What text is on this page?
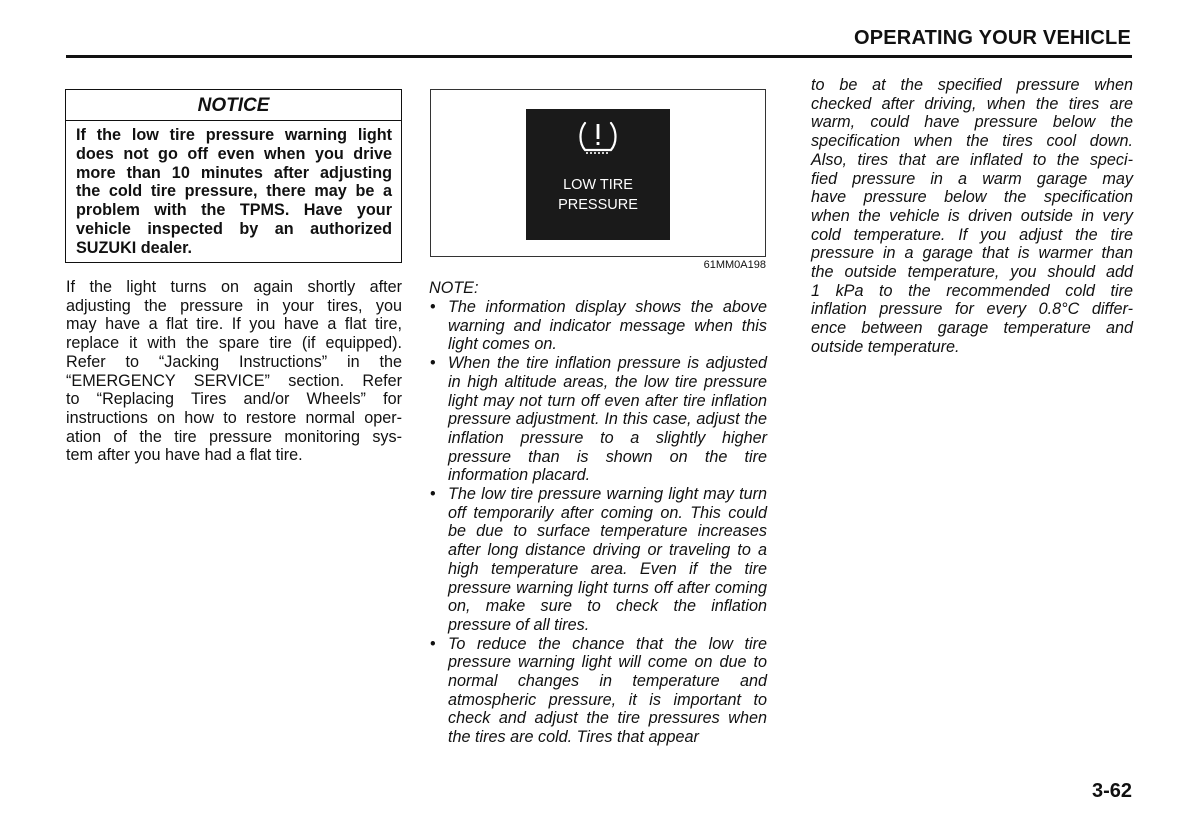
OPERATING YOUR VEHICLE
NOTICE
If the low tire pressure warning light
does not go off even when you drive
more than 10 minutes after adjusting
the cold tire pressure, there may be a
problem with the TPMS. Have your
vehicle inspected by an authorized
SUZUKI dealer.
If the light turns on again shortly after
adjusting the pressure in your tires, you
may have a flat tire. If you have a flat tire,
replace it with the spare tire (if equipped).
Refer to “Jacking Instructions” in the
“EMERGENCY SERVICE” section. Refer
to “Replacing Tires and/or Wheels” for
instructions on how to restore normal oper-
ation of the tire pressure monitoring sys-
tem after you have had a flat tire.
LOW TIRE
PRESSURE
61MM0A198
NOTE:
• The information display shows the above warning and indicator message when this light comes on.
• When the tire inflation pressure is adjusted in high altitude areas, the low tire pressure light may not turn off even after tire inflation pressure adjustment. In this case, adjust the inflation pressure to a slightly higher pressure than is shown on the tire information placard.
• The low tire pressure warning light may turn off temporarily after coming on. This could be due to surface temperature increases after long distance driving or traveling to a high temperature area. Even if the tire pressure warning light turns off after coming on, make sure to check the inflation pressure of all tires.
• To reduce the chance that the low tire pressure warning light will come on due to normal changes in temperature and atmospheric pressure, it is important to check and adjust the tire pressures when the tires are cold. Tires that appear
to be at the specified pressure when
checked after driving, when the tires are
warm, could have pressure below the
specification when the tires cool down.
Also, tires that are inflated to the speci-
fied pressure in a warm garage may
have pressure below the specification
when the vehicle is driven outside in very
cold temperature. If you adjust the tire
pressure in a garage that is warmer than
the outside temperature, you should add
1 kPa to the recommended cold tire
inflation pressure for every 0.8°C differ-
ence between garage temperature and
outside temperature.
3-62
